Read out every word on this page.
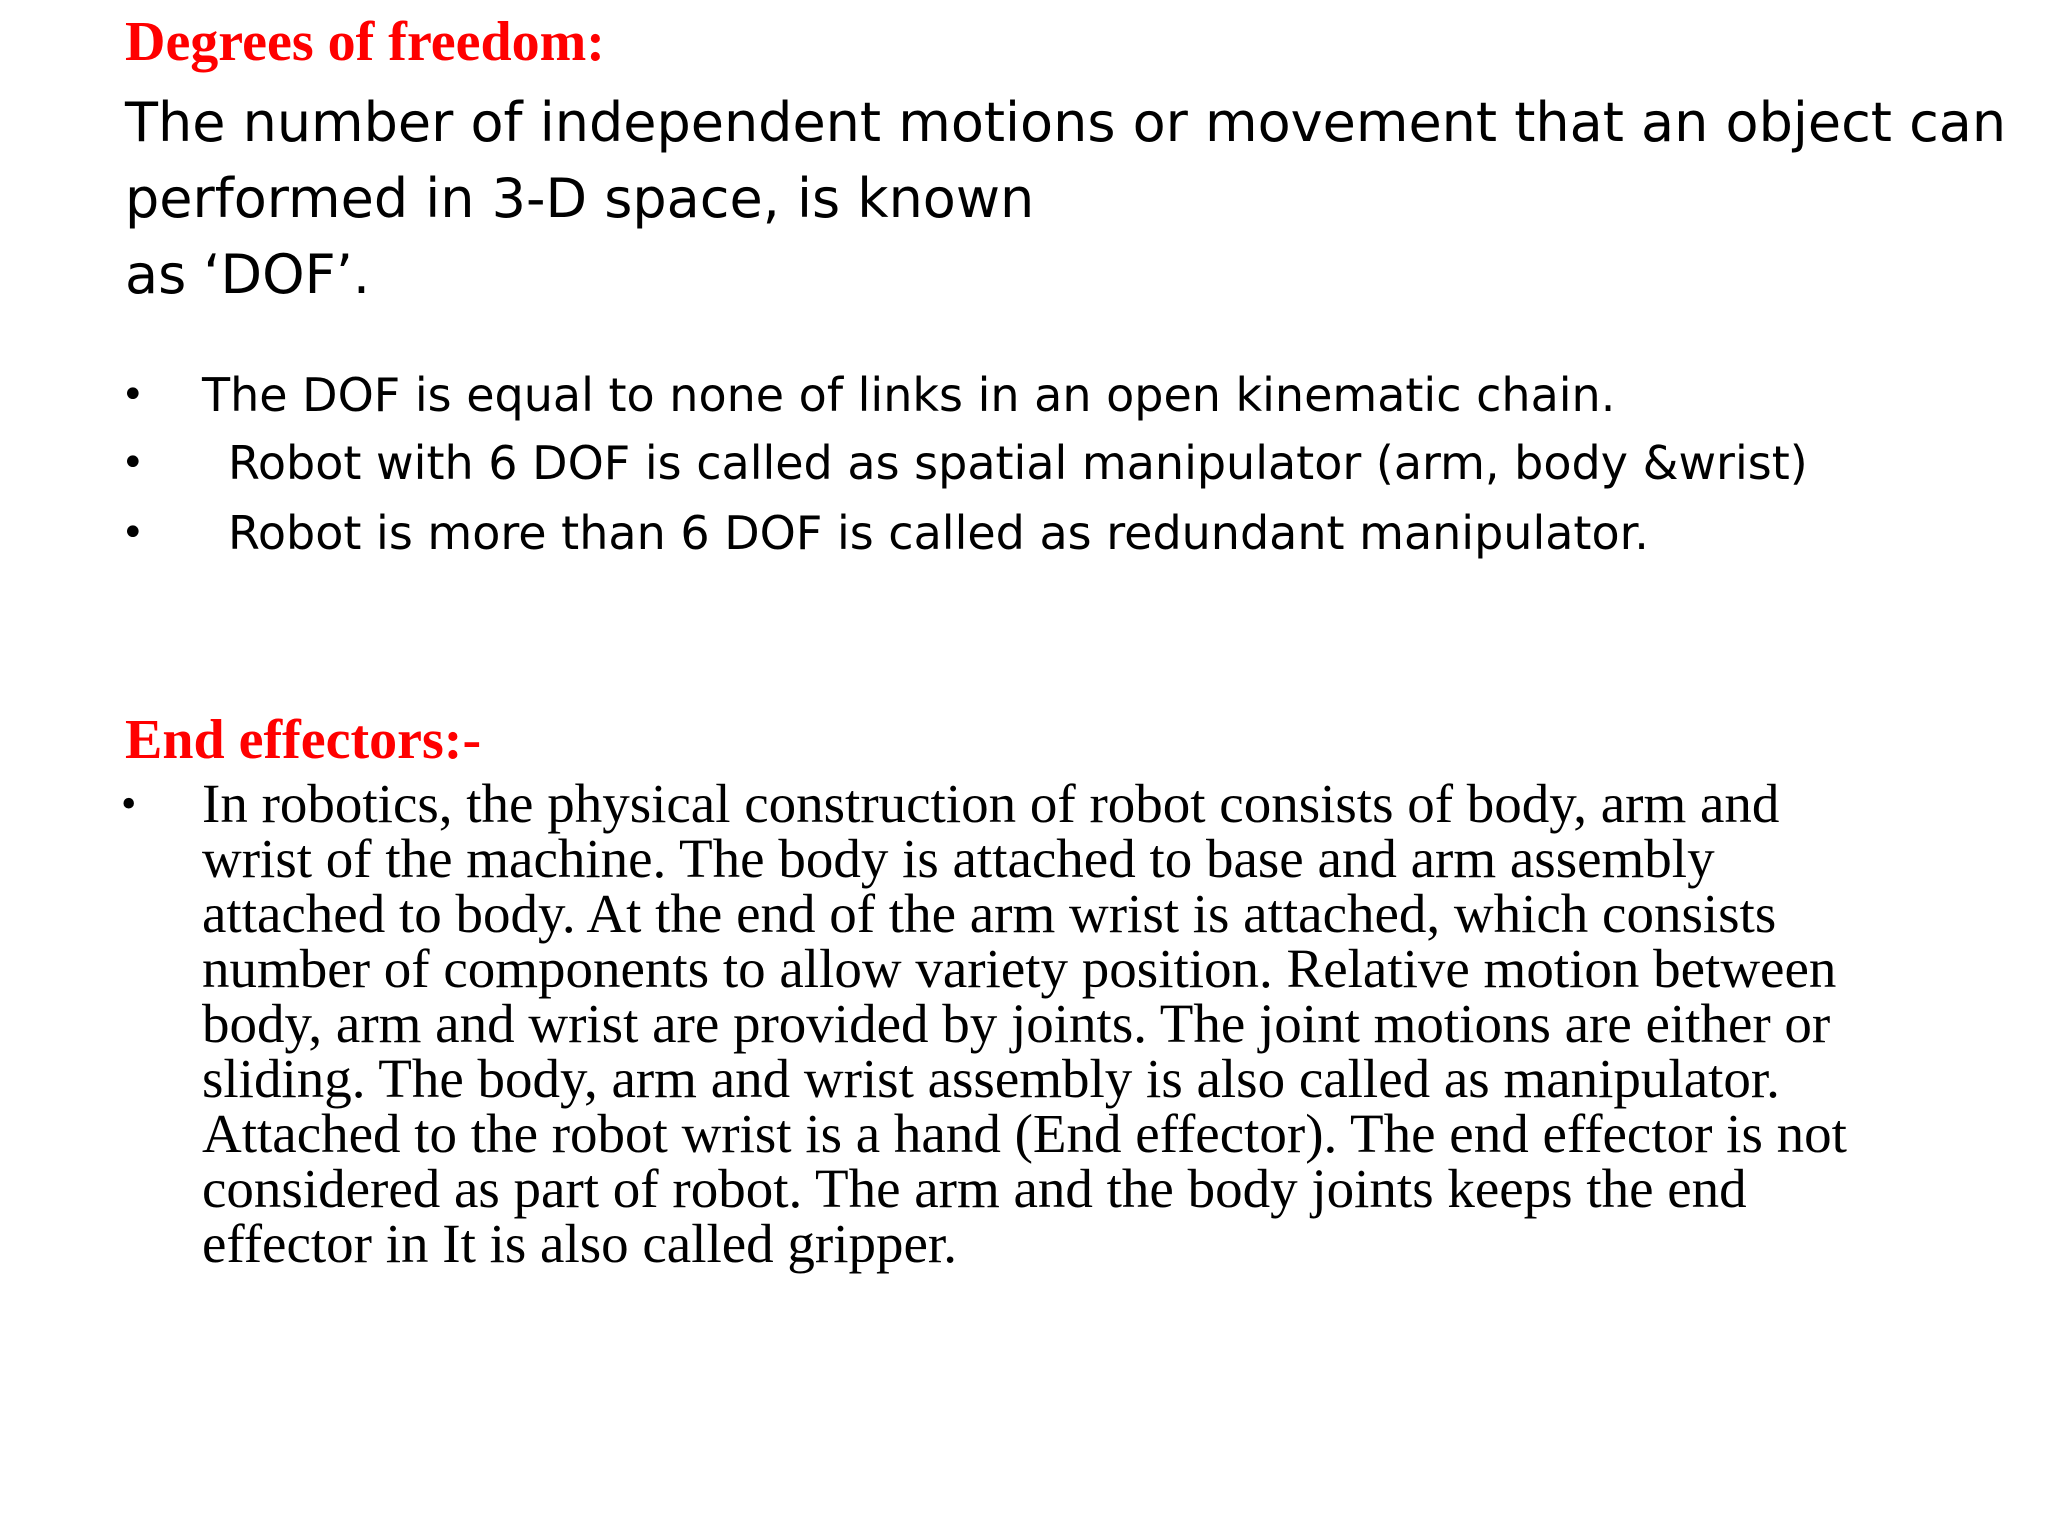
Degrees of freedom:
The number of independent motions or movement that an object can
performed in 3-D space, is known
as ‘DOF’.
• The DOF is equal to none of links in an open kinematic chain.
• Robot with 6 DOF is called as spatial manipulator (arm, body &wrist)
• Robot is more than 6 DOF is called as redundant manipulator.
End effectors:-
• In robotics, the physical construction of robot consists of body, arm and
wrist of the machine. The body is attached to base and arm assembly
attached to body. At the end of the arm wrist is attached, which consists
number of components to allow variety position. Relative motion between
body, arm and wrist are provided by joints. The joint motions are either or
sliding. The body, arm and wrist assembly is also called as manipulator.
Attached to the robot wrist is a hand (End effector). The end effector is not
considered as part of robot. The arm and the body joints keeps the end
effector in It is also called gripper.
